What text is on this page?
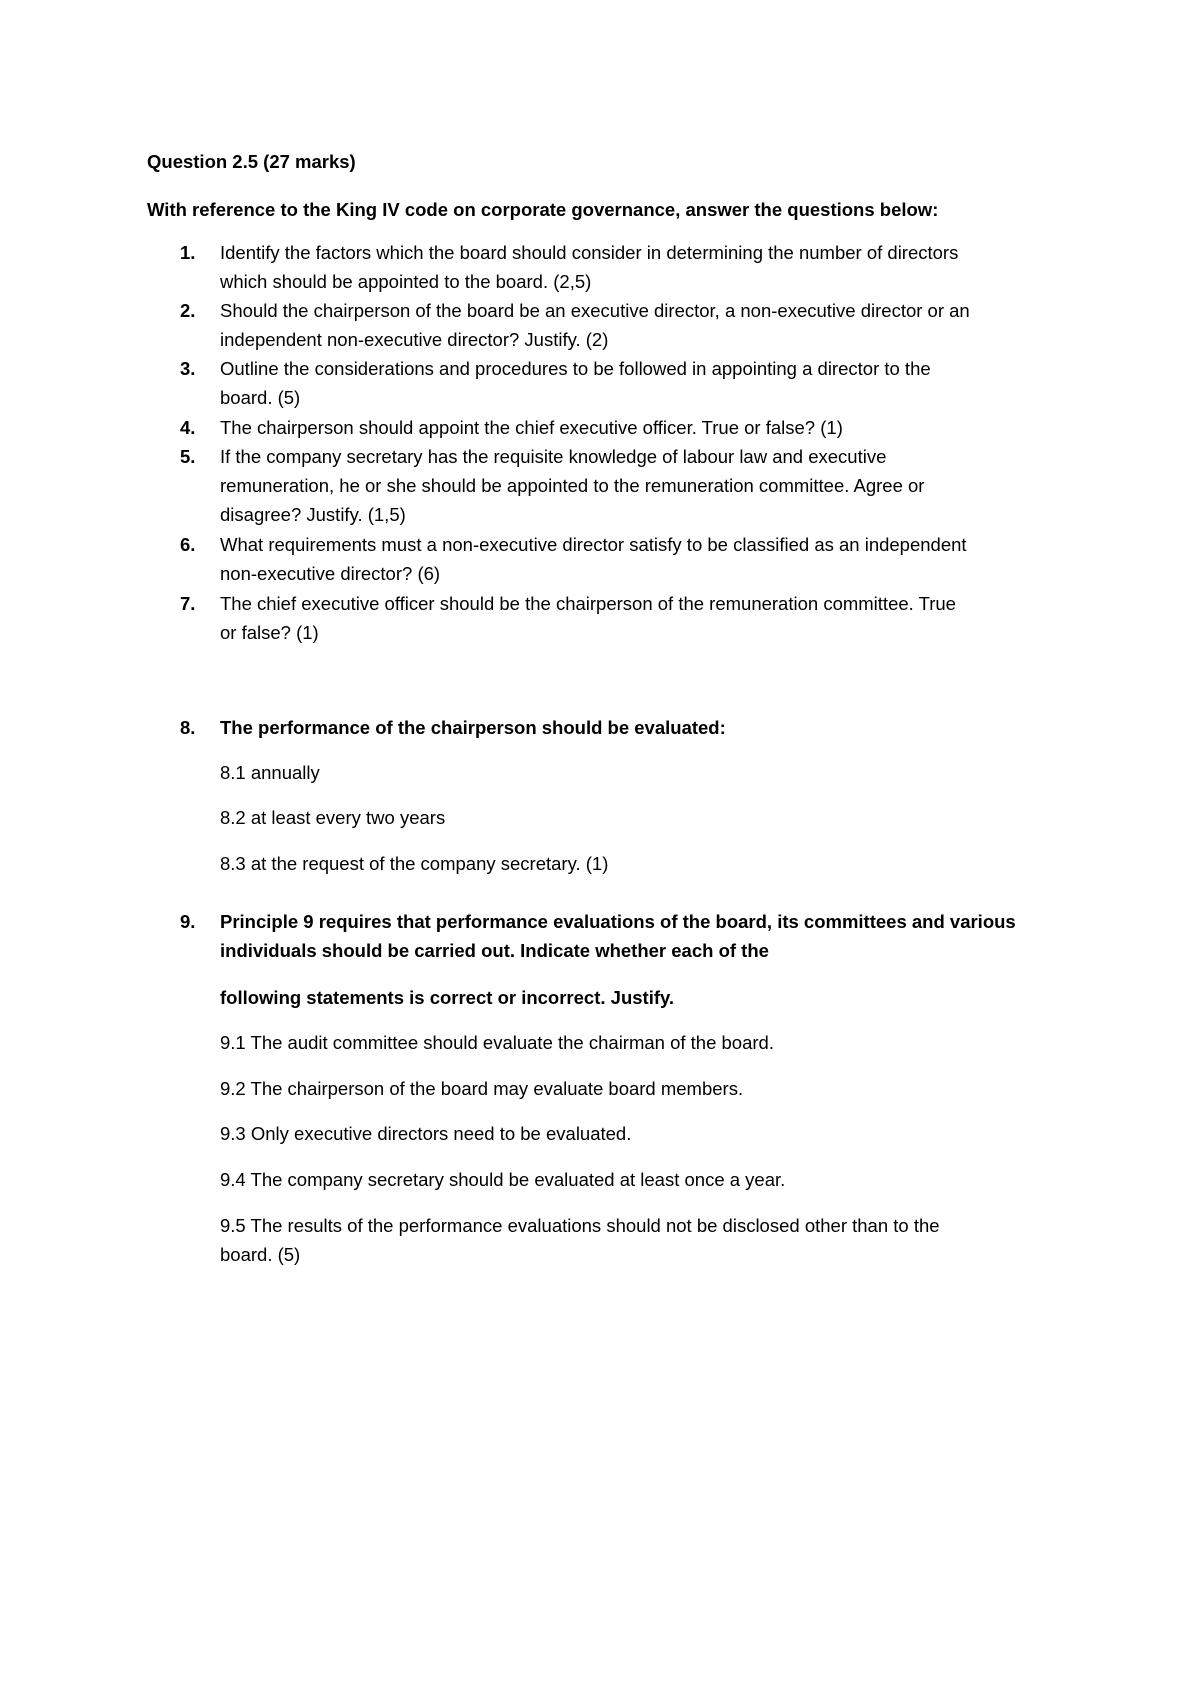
Question 2.5 (27 marks)
With reference to the King IV code on corporate governance, answer the questions below:
1. Identify the factors which the board should consider in determining the number of directors
which should be appointed to the board. (2,5)
2. Should the chairperson of the board be an executive director, a non-executive director or an
independent non-executive director? Justify. (2)
3. Outline the considerations and procedures to be followed in appointing a director to the
board. (5)
4. The chairperson should appoint the chief executive officer. True or false? (1)
5. If the company secretary has the requisite knowledge of labour law and executive
remuneration, he or she should be appointed to the remuneration committee. Agree or
disagree? Justify. (1,5)
6. What requirements must a non-executive director satisfy to be classified as an independent
non-executive director? (6)
7. The chief executive officer should be the chairperson of the remuneration committee. True
or false? (1)
8. The performance of the chairperson should be evaluated:
8.1 annually
8.2 at least every two years
8.3 at the request of the company secretary. (1)
9. Principle 9 requires that performance evaluations of the board, its committees and various
individuals should be carried out. Indicate whether each of the
following statements is correct or incorrect. Justify.
9.1 The audit committee should evaluate the chairman of the board.
9.2 The chairperson of the board may evaluate board members.
9.3 Only executive directors need to be evaluated.
9.4 The company secretary should be evaluated at least once a year.
9.5 The results of the performance evaluations should not be disclosed other than to the
board. (5)
